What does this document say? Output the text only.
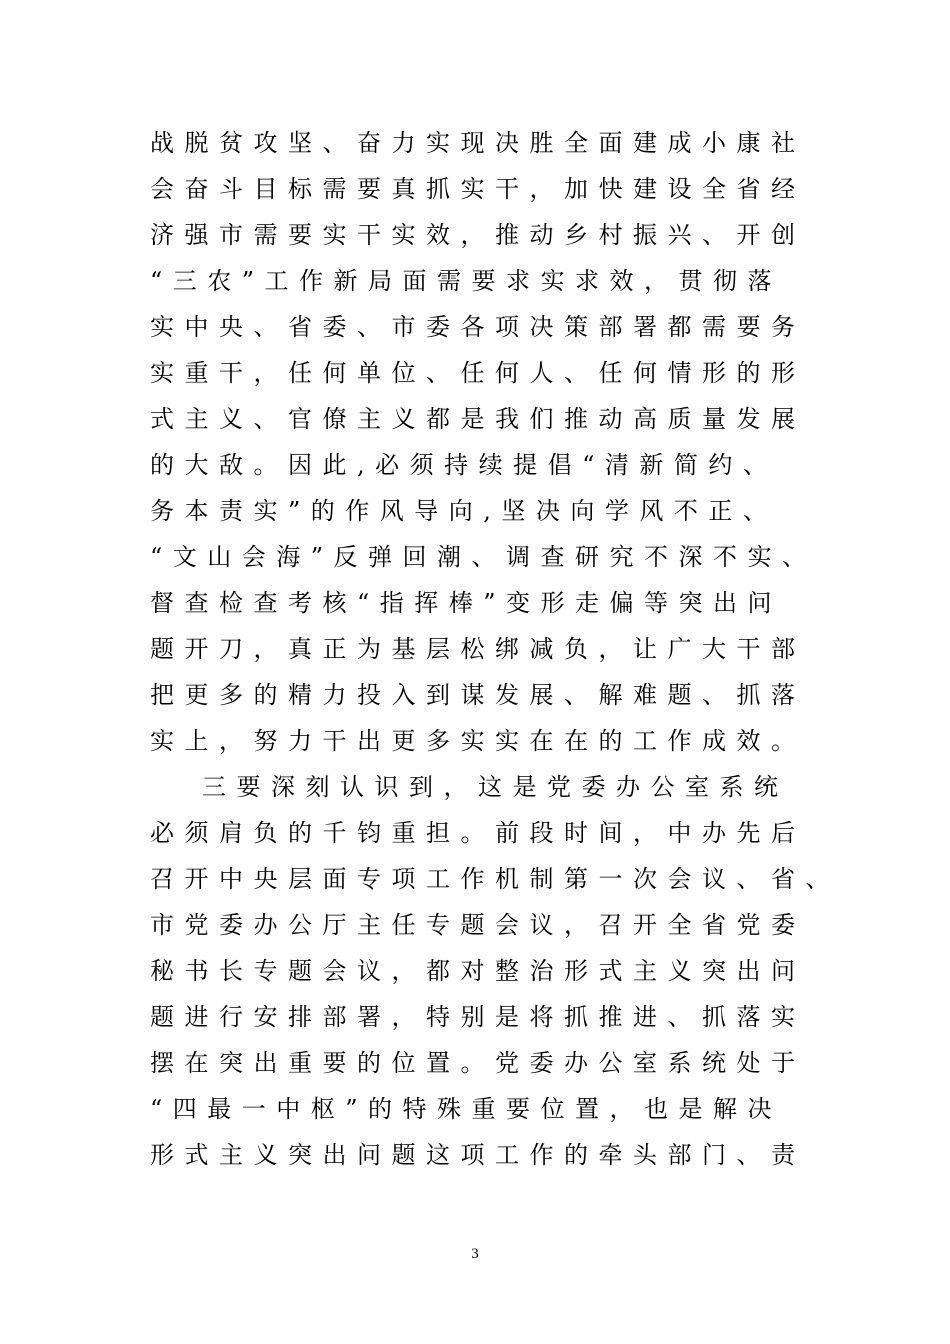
战脱贫攻坚、奋力实现决胜全面建成小康社
会奋斗目标需要真抓实干，加快建设全省经
济强市需要实干实效，推动乡村振兴、开创
“三农”工作新局面需要求实求效，贯彻落
实中央、省委、市委各项决策部署都需要务
实重干，任何单位、任何人、任何情形的形
式主义、官僚主义都是我们推动高质量发展
的大敌。因此,必须持续提倡“清新简约、
务本责实”的作风导向,坚决向学风不正、
“文山会海”反弹回潮、调查研究不深不实、
督查检查考核“指挥棒”变形走偏等突出问
题开刀，真正为基层松绑减负，让广大干部
把更多的精力投入到谋发展、解难题、抓落
实上，努力干出更多实实在在的工作成效。
三要深刻认识到，这是党委办公室系统
必须肩负的千钧重担。前段时间，中办先后
召开中央层面专项工作机制第一次会议、省、
市党委办公厅主任专题会议，召开全省党委
秘书长专题会议，都对整治形式主义突出问
题进行安排部署，特别是将抓推进、抓落实
摆在突出重要的位置。党委办公室系统处于
“四最一中枢”的特殊重要位置，也是解决
形式主义突出问题这项工作的牵头部门、责
3
